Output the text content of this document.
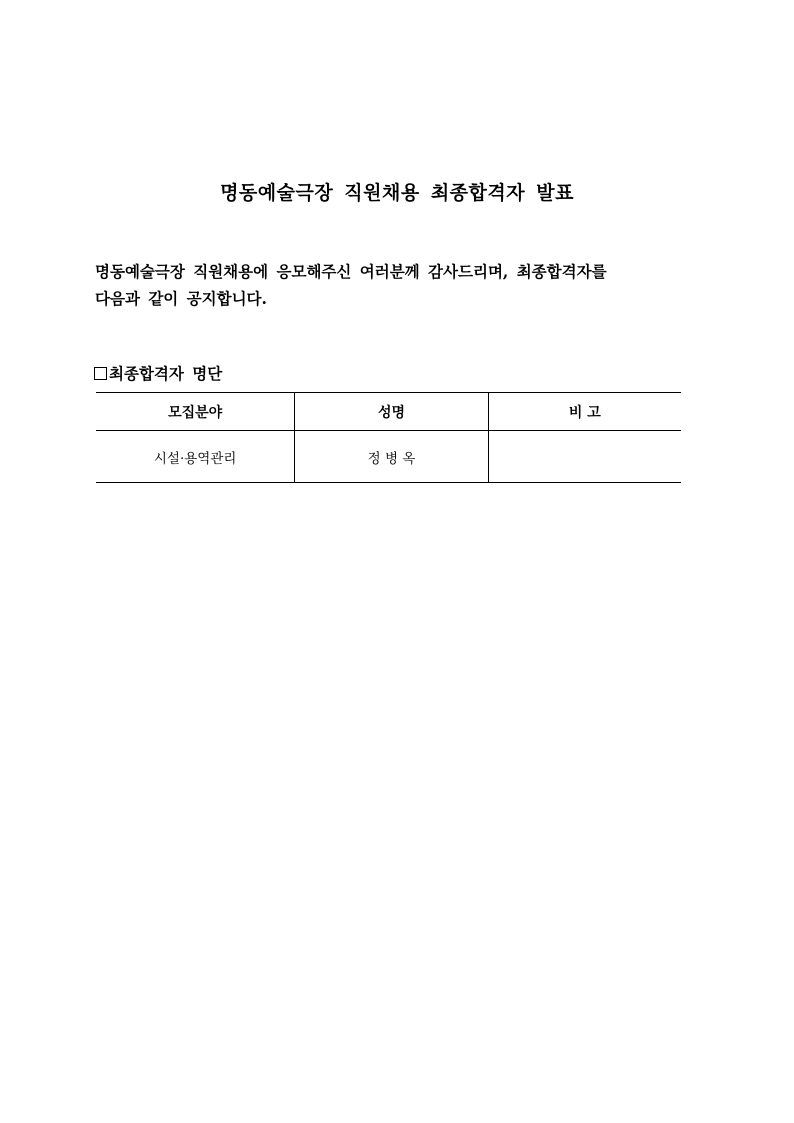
명동예술극장 직원채용 최종합격자 발표

명동예술극장 직원채용에 응모해주신 여러분께 감사드리며, 최종합격자를

다음과 같이 공지합니다.

최종합격자 명단
모집분야	성명	비 고
시설·용역관리	정 병 옥	
